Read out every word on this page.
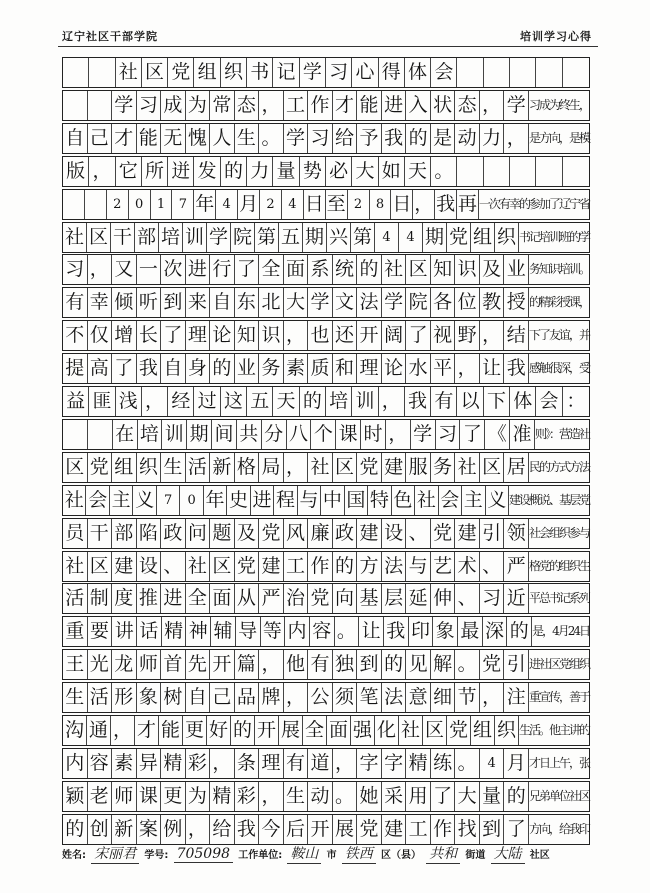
辽宁社区干部学院	培训学习心得
社 区 党 组 织 书 记 学 习 心 得 体 会
学 习 成 为 常 态 ， 工 作 才 能 进 入 状 态 ， 学 习成为终生，
自 己 才 能 无 愧 人 生 。 学 习 给 予 我 的 是 动 力 ， 是方向，是模
版 ， 它 所 迸 发 的 力 量 势 必 大 如 天 。
2	0	1	7 年 4 月 2	4 日 至 2	8 日 ， 我 再 一次有幸的参加了辽宁省
社 区 干 部 培 训 学 院 第 五 期 兴 第 4	4 期 党 组 织 书记培训班的学
习 ， 又 一 次 进 行 了 全 面 系 统 的 社 区 知 识 及 业 务知识培训。
有 幸 倾 听 到 来 自 东 北 大 学 文 法 学 院 各 位 教 授 的精彩授课，
不 仅 增 长 了 理 论 知 识 ， 也 还 开 阔 了 视 野 ， 结 下了友谊，并
提 高 了 我 自 身 的 业 务 素 质 和 理 论 水 平 ， 让 我 感触很深，受
益 匪 浅 ， 经 过 这 五 天 的 培 训 ， 我 有 以 下 体 会 ：
在 培 训 期 间 共 分 八 个 课 时 ， 学 习 了 《 准 则》：营造社
区 党 组 织 生 活 新 格 局 ， 社 区 党 建 服 务 社 区 居 民的方式方法
社 会 主 义 7	0 年 史 进 程 与 中 国 特 色 社 会 主 义 建设概说、基层党
员 干 部 陷 政 问 题 及 党 风 廉 政 建 设 、 党 建 引 领 社会组织参与
社 区 建 设 、 社 区 党 建 工 作 的 方 法 与 艺 术 、 严 格党的组织生
活 制 度 推 进 全 面 从 严 治 党 向 基 层 延 伸 、 习 近 平总书记系列
重 要 讲 话 精 神 辅 导 等 内 容 。 让 我 印 象 最 深 的 是，4月24日
王 光 龙 师 首 先 开 篇 ， 他 有 独 到 的 见 解 。 党 引 进社区党组织
生 活 形 象 树 自 己 品 牌 ， 公 须 笔 法 意 细 节 ， 注 重宣传，善于
沟 通 ， 才 能 更 好 的 开 展 全 面 强 化 社 区 党 组 织 生活。他主讲的
内 容 素 异 精 彩 ， 条 理 有 道 ， 字 字 精 练 。 4 月 才日上午，张
颖 老 师 课 更 为 精 彩 ， 生 动 。 她 采 用 了 大 量 的 兄弟单位社区
的 创 新 案 例 ， 给 我 今 后 开 展 党 建 工 作 找 到 了 方向，给我印
姓名: 宋丽君 学号: 705098 工作单位: 鞍山 市 铁西 区（县） 共和 街道 大陆 社区
